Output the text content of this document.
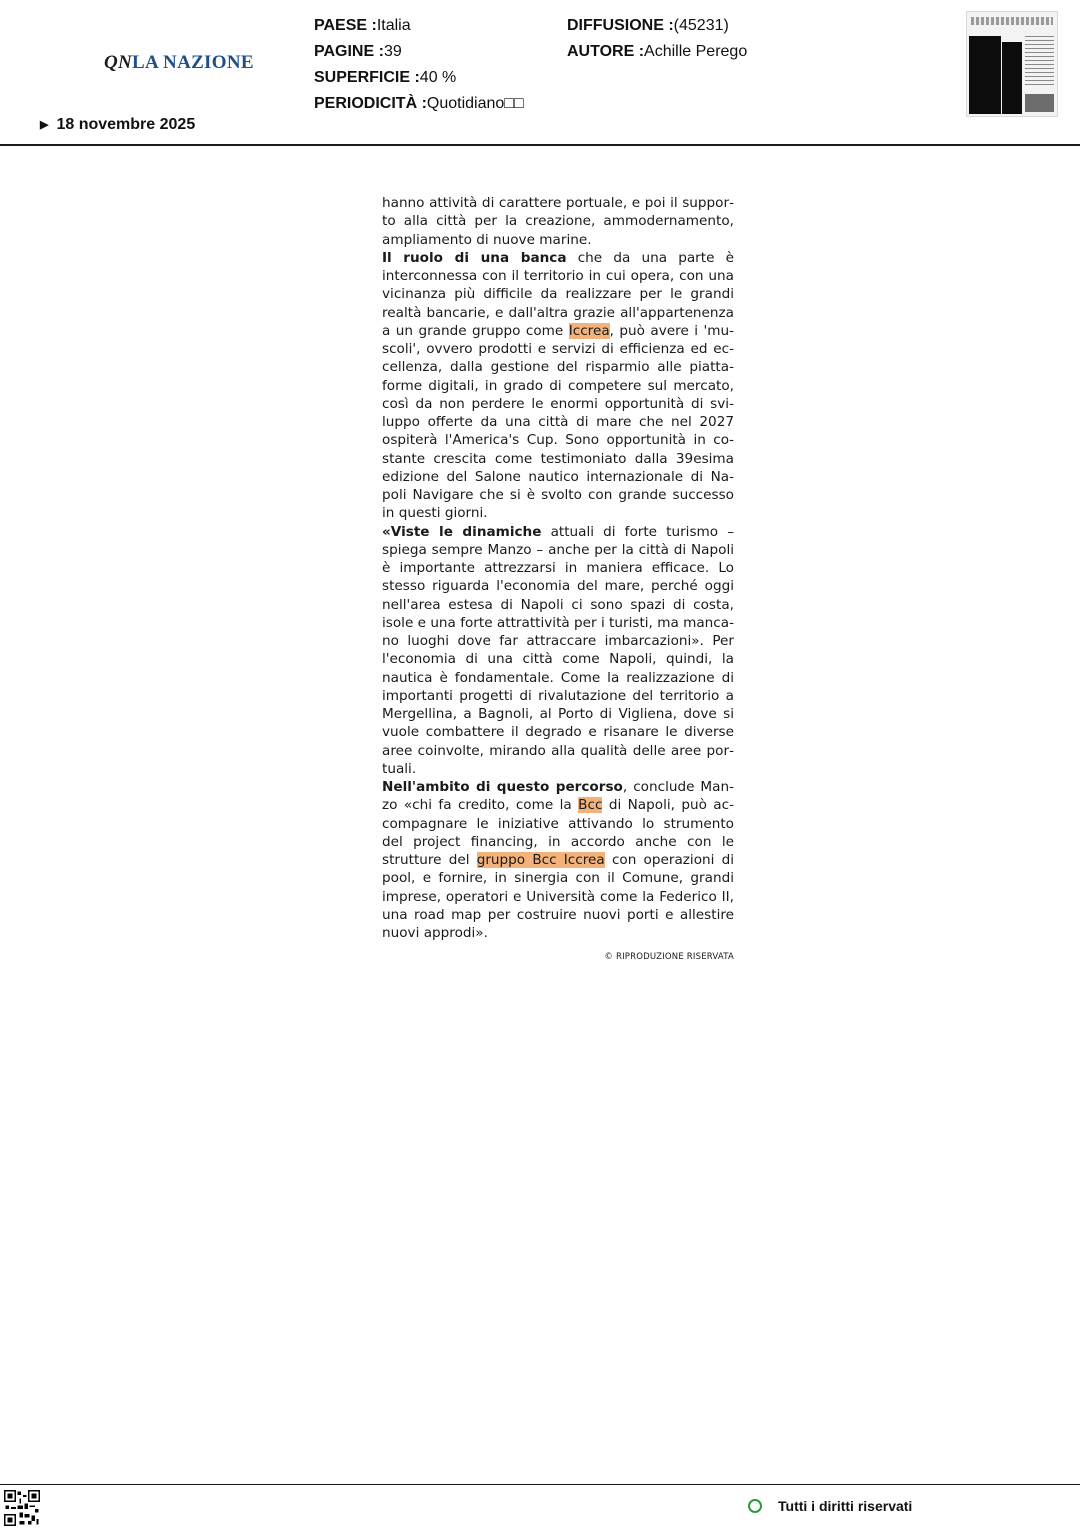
QNLA NAZIONE
PAESE :Italia
PAGINE :39
SUPERFICIE :40 %
PERIODICITÀ :Quotidiano□□
DIFFUSIONE :(45231)
AUTORE :Achille Perego
▶ 18 novembre 2025

hanno attività di carattere portuale, e poi il supporto alla città per la creazione, ammodernamento, ampliamento di nuove marine.

Il ruolo di una banca che da una parte è interconnessa con il territorio in cui opera, con una vicinanza più difficile da realizzare per le grandi realtà bancarie, e dall'altra grazie all'appartenenza a un grande gruppo come Iccrea, può avere i 'muscoli', ovvero prodotti e servizi di efficienza ed eccellenza, dalla gestione del risparmio alle piattaforme digitali, in grado di competere sul mercato, così da non perdere le enormi opportunità di sviluppo offerte da una città di mare che nel 2027 ospiterà l'America's Cup. Sono opportunità in costante crescita come testimoniato dalla 39esima edizione del Salone nautico internazionale di Napoli Navigare che si è svolto con grande successo in questi giorni.

«Viste le dinamiche attuali di forte turismo – spiega sempre Manzo – anche per la città di Napoli è importante attrezzarsi in maniera efficace. Lo stesso riguarda l'economia del mare, perché oggi nell'area estesa di Napoli ci sono spazi di costa, isole e una forte attrattività per i turisti, ma mancano luoghi dove far attraccare imbarcazioni». Per l'economia di una città come Napoli, quindi, la nautica è fondamentale. Come la realizzazione di importanti progetti di rivalutazione del territorio a Mergellina, a Bagnoli, al Porto di Vigliena, dove si vuole combattere il degrado e risanare le diverse aree coinvolte, mirando alla qualità delle aree portuali.

Nell'ambito di questo percorso, conclude Manzo «chi fa credito, come la Bcc di Napoli, può accompagnare le iniziative attivando lo strumento del project financing, in accordo anche con le strutture del gruppo Bcc Iccrea con operazioni di pool, e fornire, in sinergia con il Comune, grandi imprese, operatori e Università come la Federico II, una road map per costruire nuovi porti e allestire nuovi approdi».

© RIPRODUZIONE RISERVATA
Tutti i diritti riservati
